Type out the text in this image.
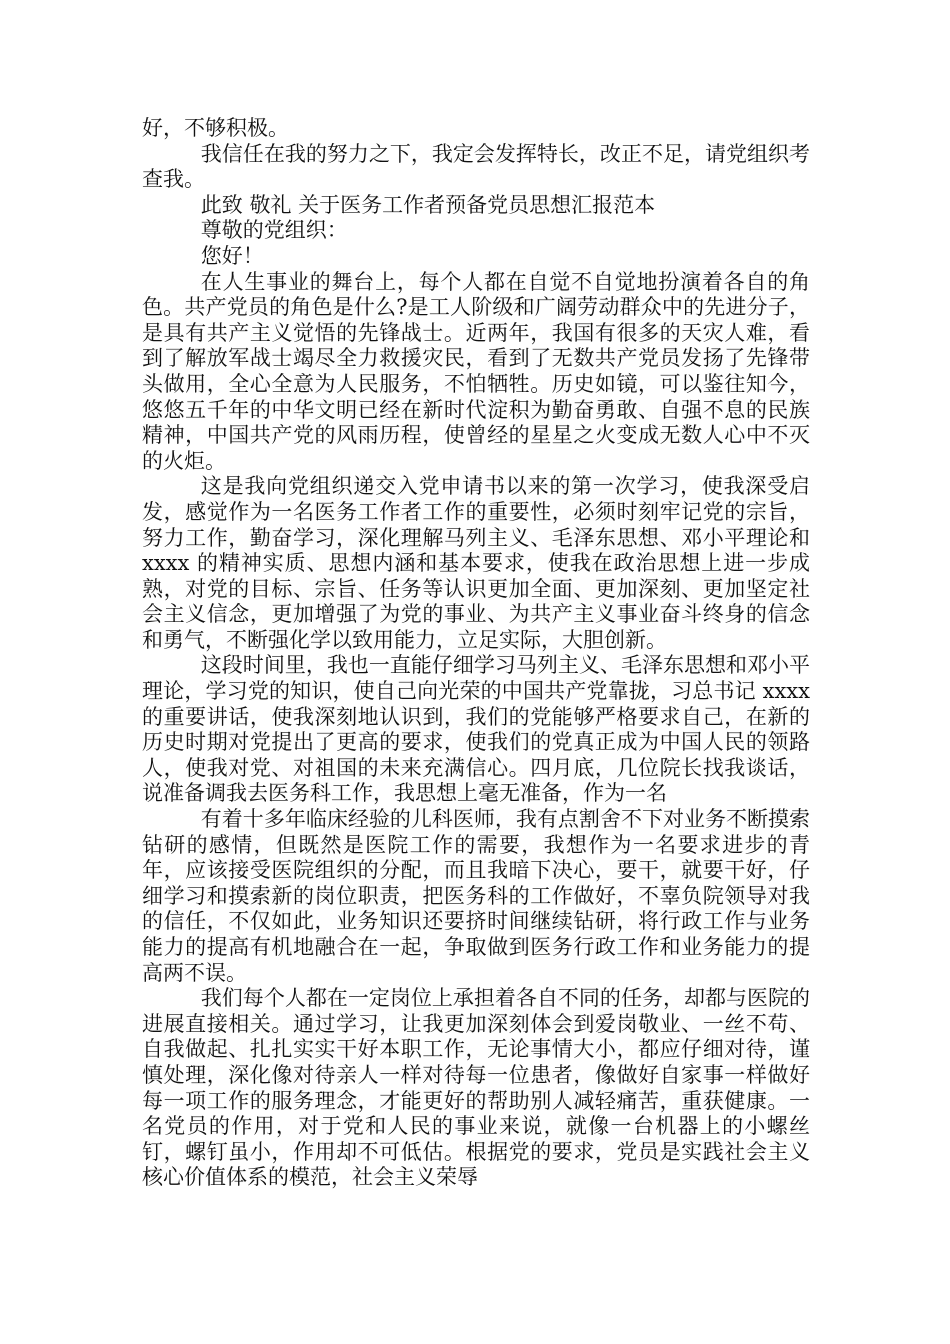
好，不够积极。

我信任在我的努力之下，我定会发挥特长，改正不足，请党组织考查我。

此致 敬礼 关于医务工作者预备党员思想汇报范本

尊敬的党组织：

您好！

在人生事业的舞台上，每个人都在自觉不自觉地扮演着各自的角色。共产党员的角色是什么?是工人阶级和广阔劳动群众中的先进分子，是具有共产主义觉悟的先锋战士。近两年，我国有很多的天灾人难，看到了解放军战士竭尽全力救援灾民，看到了无数共产党员发扬了先锋带头做用，全心全意为人民服务，不怕牺牲。历史如镜，可以鉴往知今，悠悠五千年的中华文明已经在新时代淀积为勤奋勇敢、自强不息的民族精神，中国共产党的风雨历程，使曾经的星星之火变成无数人心中不灭的火炬。

这是我向党组织递交入党申请书以来的第一次学习，使我深受启发，感觉作为一名医务工作者工作的重要性，必须时刻牢记党的宗旨，努力工作，勤奋学习，深化理解马列主义、毛泽东思想、邓小平理论和 xxxx 的精神实质、思想内涵和基本要求，使我在政治思想上进一步成熟，对党的目标、宗旨、任务等认识更加全面、更加深刻、更加坚定社会主义信念，更加增强了为党的事业、为共产主义事业奋斗终身的信念和勇气，不断强化学以致用能力，立足实际，大胆创新。

这段时间里，我也一直能仔细学习马列主义、毛泽东思想和邓小平理论，学习党的知识，使自己向光荣的中国共产党靠拢，习总书记 xxxx 的重要讲话，使我深刻地认识到，我们的党能够严格要求自己，在新的历史时期对党提出了更高的要求，使我们的党真正成为中国人民的领路人，使我对党、对祖国的未来充满信心。四月底，几位院长找我谈话，说准备调我去医务科工作，我思想上毫无准备，作为一名

有着十多年临床经验的儿科医师，我有点割舍不下对业务不断摸索钻研的感情，但既然是医院工作的需要，我想作为一名要求进步的青年，应该接受医院组织的分配，而且我暗下决心，要干，就要干好，仔细学习和摸索新的岗位职责，把医务科的工作做好，不辜负院领导对我的信任，不仅如此，业务知识还要挤时间继续钻研，将行政工作与业务能力的提高有机地融合在一起，争取做到医务行政工作和业务能力的提高两不误。

我们每个人都在一定岗位上承担着各自不同的任务，却都与医院的进展直接相关。通过学习，让我更加深刻体会到爱岗敬业、一丝不苟、自我做起、扎扎实实干好本职工作，无论事情大小，都应仔细对待，谨慎处理，深化像对待亲人一样对待每一位患者，像做好自家事一样做好每一项工作的服务理念，才能更好的帮助别人减轻痛苦，重获健康。一名党员的作用，对于党和人民的事业来说，就像一台机器上的小螺丝钉，螺钉虽小，作用却不可低估。根据党的要求，党员是实践社会主义核心价值体系的模范，社会主义荣辱
